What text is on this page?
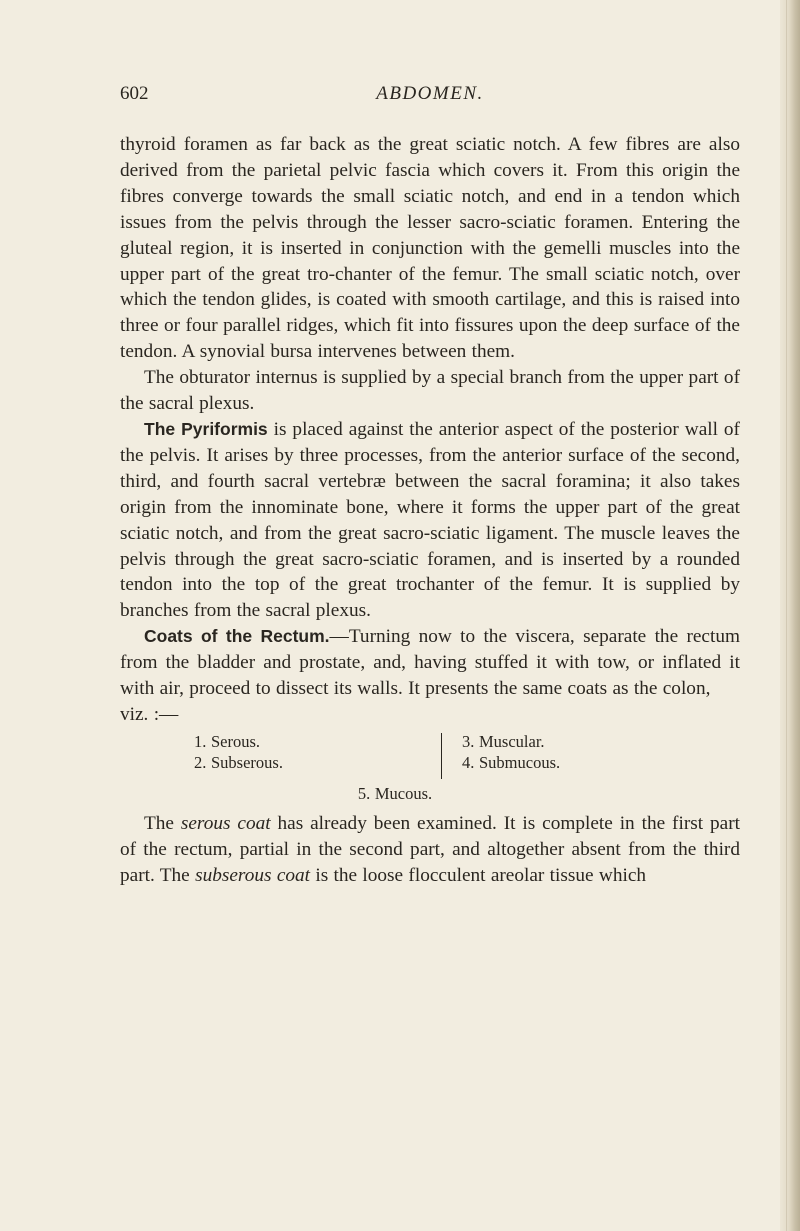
602	ABDOMEN.

thyroid foramen as far back as the great sciatic notch. A few fibres are also derived from the parietal pelvic fascia which covers it. From this origin the fibres converge towards the small sciatic notch, and end in a tendon which issues from the pelvis through the lesser sacro-sciatic foramen. Entering the gluteal region, it is inserted in conjunction with the gemelli muscles into the upper part of the great tro-chanter of the femur. The small sciatic notch, over which the tendon glides, is coated with smooth cartilage, and this is raised into three or four parallel ridges, which fit into fissures upon the deep surface of the tendon. A synovial bursa intervenes between them.

The obturator internus is supplied by a special branch from the upper part of the sacral plexus.

The Pyriformis is placed against the anterior aspect of the posterior wall of the pelvis. It arises by three processes, from the anterior surface of the second, third, and fourth sacral vertebræ between the sacral foramina; it also takes origin from the innominate bone, where it forms the upper part of the great sciatic notch, and from the great sacro-sciatic ligament. The muscle leaves the pelvis through the great sacro-sciatic foramen, and is inserted by a rounded tendon into the top of the great trochanter of the femur. It is supplied by branches from the sacral plexus.

Coats of the Rectum.—Turning now to the viscera, separate the rectum from the bladder and prostate, and, having stuffed it with tow, or inflated it with air, proceed to dissect its walls. It presents the same coats as the colon,

viz. :—

1. Serous.
2. Subserous.
3. Muscular.
4. Submucous.
5. Mucous.

The serous coat has already been examined. It is complete in the first part of the rectum, partial in the second part, and altogether absent from the third part. The subserous coat is the loose flocculent areolar tissue which
